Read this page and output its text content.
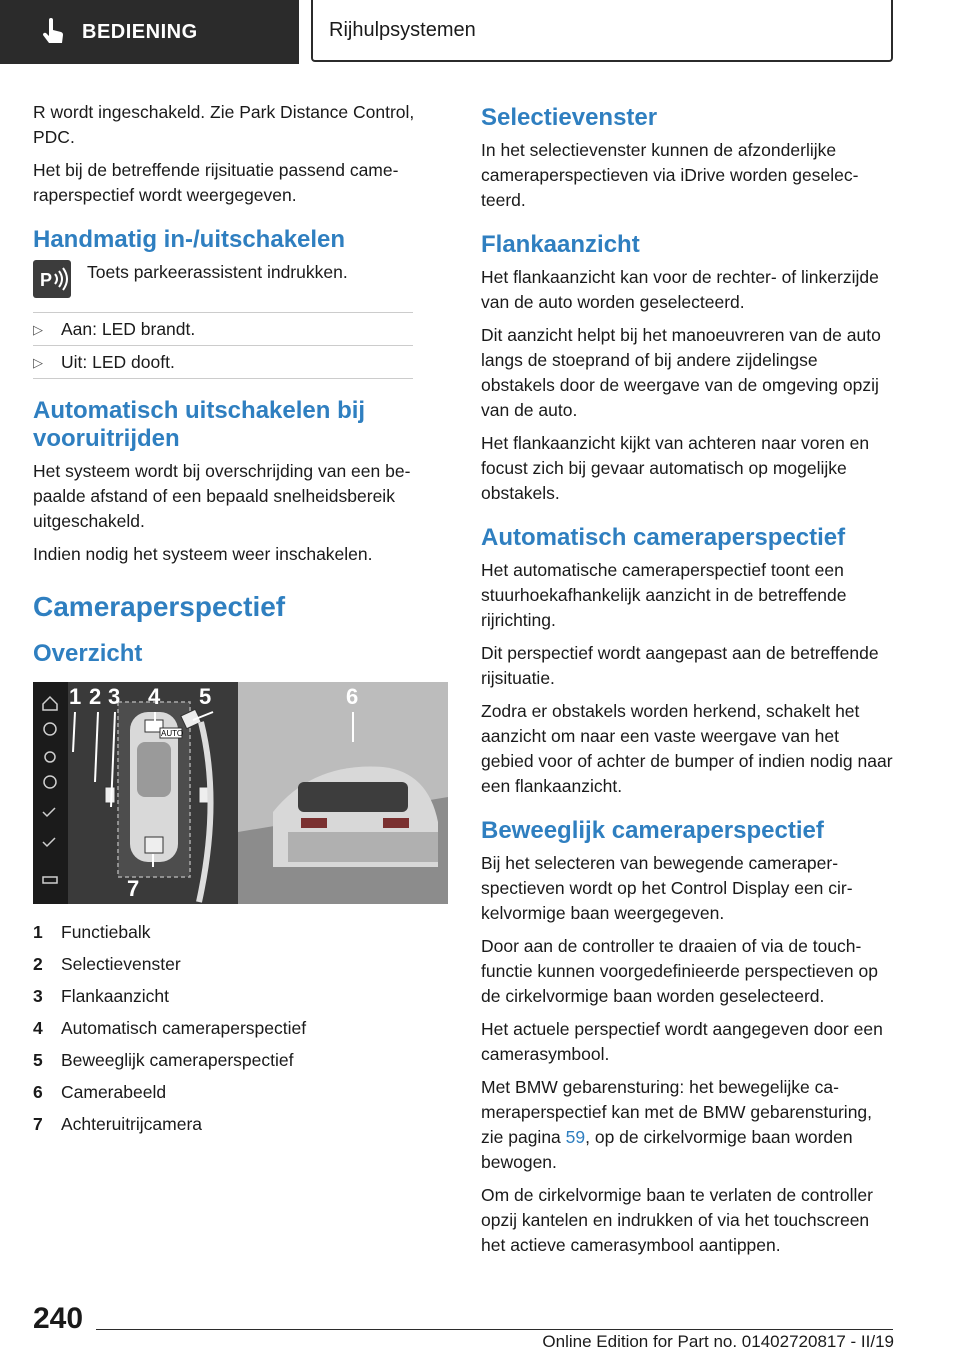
BEDIENING	Rijhulpsystemen

R wordt ingeschakeld. Zie Park Distance Control, PDC.

Het bij de betreffende rijsituatie passend cameraperspectief wordt weergegeven.

Handmatig in-/uitschakelen
P Toets parkeerassistent indrukken.
▷	Aan: LED brandt.
▷	Uit: LED dooft.
Automatisch uitschakelen bij vooruitrijden

Het systeem wordt bij overschrijding van een bepaalde afstand of een bepaald snelheidsbereik uitgeschakeld.

Indien nodig het systeem weer inschakelen.

Cameraperspectief
Overzicht
1 2 3 4 5	6
7
AUTO
1	Functiebalk
2	Selectievenster
3	Flankaanzicht
4	Automatisch cameraperspectief
5	Beweeglijk cameraperspectief
6	Camerabeeld
7	Achteruitrijcamera
Selectievenster

In het selectievenster kunnen de afzonderlijke cameraperspectieven via iDrive worden geselecteerd.

Flankaanzicht

Het flankaanzicht kan voor de rechter- of linkerzijde van de auto worden geselecteerd.

Dit aanzicht helpt bij het manoeuvreren van de auto langs de stoeprand of bij andere zijdelingse obstakels door de weergave van de omgeving opzij van de auto.

Het flankaanzicht kijkt van achteren naar voren en focust zich bij gevaar automatisch op mogelijke obstakels.

Automatisch cameraperspectief

Het automatische cameraperspectief toont een stuurhoekafhankelijk aanzicht in de betreffende rijrichting.

Dit perspectief wordt aangepast aan de betreffende rijsituatie.

Zodra er obstakels worden herkend, schakelt het aanzicht om naar een vaste weergave van het gebied voor of achter de bumper of indien nodig naar een flankaanzicht.

Beweeglijk cameraperspectief

Bij het selecteren van bewegende cameraperspectieven wordt op het Control Display een cirkelvormige baan weergegeven.

Door aan de controller te draaien of via de touchfunctie kunnen voorgedefinieerde perspectieven op de cirkelvormige baan worden geselecteerd.

Het actuele perspectief wordt aangegeven door een camerasymbool.

Met BMW gebarensturing: het bewegelijke cameraperspectief kan met de BMW gebarensturing, zie pagina 59, op de cirkelvormige baan worden bewogen.

Om de cirkelvormige baan te verlaten de controller opzij kantelen en indrukken of via het touchscreen het actieve camerasymbool aantippen.

240
Online Edition for Part no. 01402720817 - II/19
